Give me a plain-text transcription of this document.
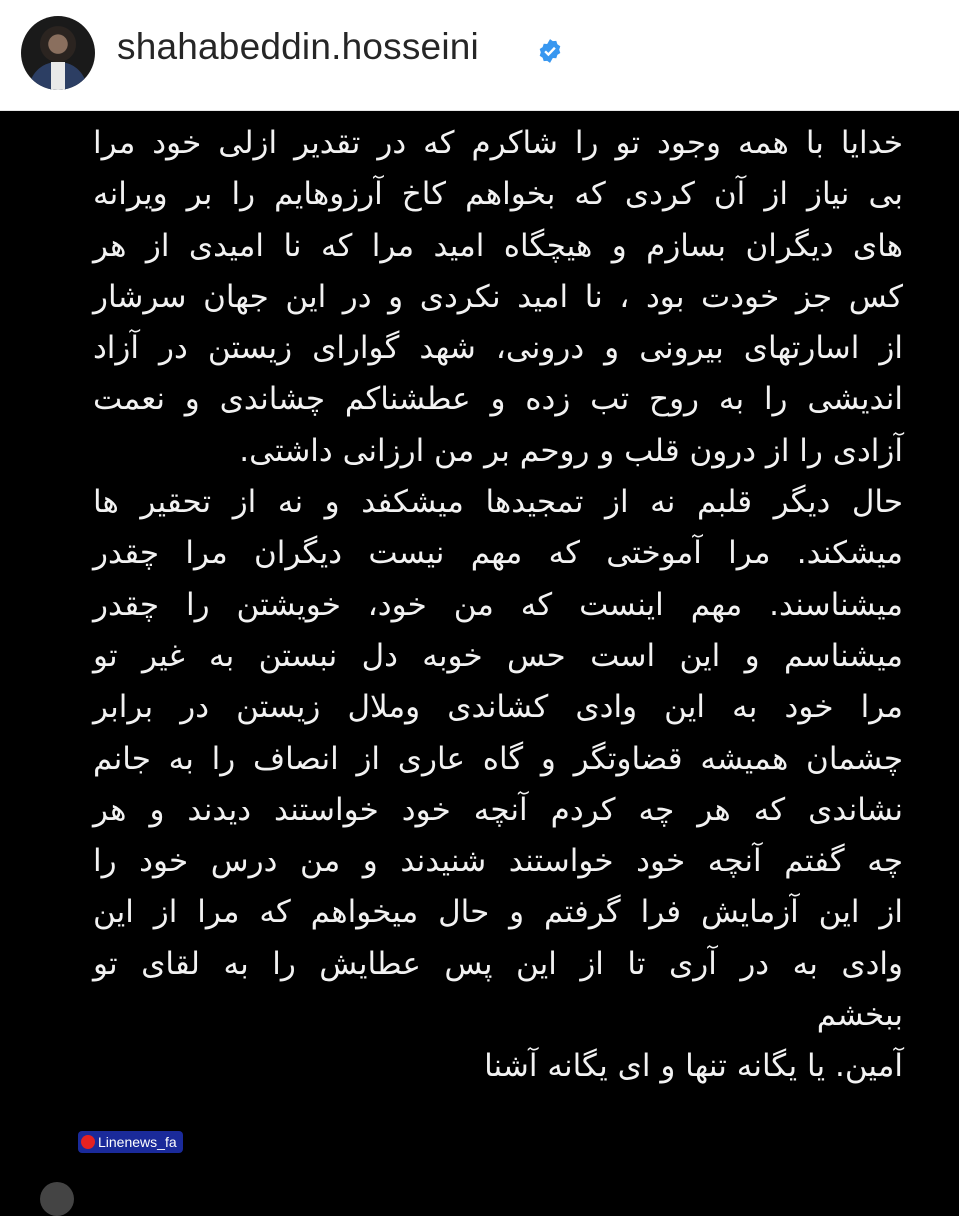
shahabeddin.hosseini
خدایا با همه وجود تو را شاکرم که در تقدیر ازلی خود مرا
بی نیاز از آن کردی که بخواهم کاخ آرزوهایم را بر ویرانه
های دیگران بسازم و هیچگاه امید مرا که نا امیدی از هر
کس جز خودت بود ، نا امید نکردی و در این جهان سرشار
از اسارتهای بیرونی و درونی، شهد گوارای زیستن در آزاد
اندیشی را به روح تب زده و عطشناکم چشاندی و نعمت
آزادی را از درون قلب و روحم بر من ارزانی داشتی.
حال دیگر قلبم نه از تمجیدها میشکفد و نه از تحقیر ها
میشکند. مرا آموختی که مهم نیست دیگران مرا چقدر
میشناسند. مهم اینست که من خود، خویشتن را چقدر
میشناسم و این است حس خوبه دل نبستن به غیر تو
مرا خود به این وادی کشاندی وملال زیستن در برابر
چشمان همیشه قضاوتگر و گاه عاری از انصاف را به جانم
نشاندی که هر چه کردم آنچه خود خواستند دیدند و هر
چه گفتم آنچه خود خواستند شنیدند و من درس خود را
از این آزمایش فرا گرفتم و حال میخواهم که مرا از این
وادی به در آری تا از این پس عطایش را به لقای تو
ببخشم
آمین. یا یگانه تنها و ای یگانه آشنا
Linenews_fa
